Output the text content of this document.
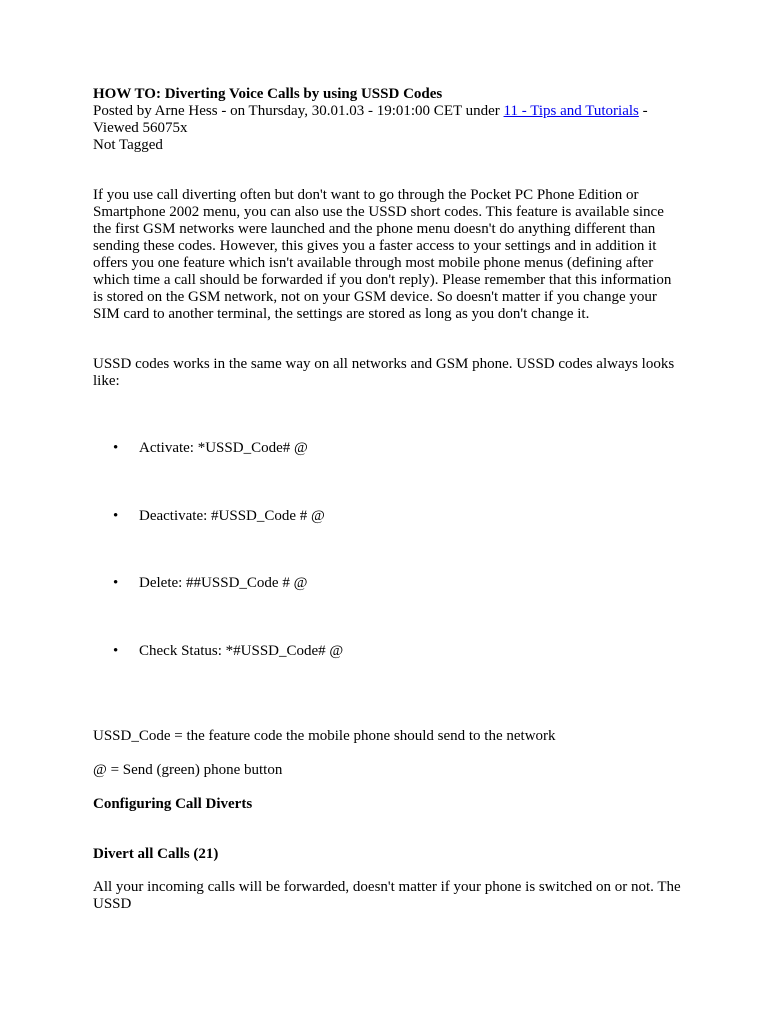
HOW TO: Diverting Voice Calls by using USSD Codes
Posted by Arne Hess - on Thursday, 30.01.03 - 19:01:00 CET under 11 - Tips and Tutorials - Viewed 56075x
Not Tagged
If you use call diverting often but don't want to go through the Pocket PC Phone Edition or Smartphone 2002 menu, you can also use the USSD short codes. This feature is available since the first GSM networks were launched and the phone menu doesn't do anything different than sending these codes. However, this gives you a faster access to your settings and in addition it offers you one feature which isn't available through most mobile phone menus (defining after which time a call should be forwarded if you don't reply). Please remember that this information is stored on the GSM network, not on your GSM device. So doesn't matter if you change your SIM card to another terminal, the settings are stored as long as you don't change it.
USSD codes works in the same way on all networks and GSM phone. USSD codes always looks like:
• Activate: *USSD_Code# @
• Deactivate: #USSD_Code # @
• Delete: ##USSD_Code # @
• Check Status: *#USSD_Code# @
USSD_Code = the feature code the mobile phone should send to the network
@ = Send (green) phone button
Configuring Call Diverts
Divert all Calls (21)
All your incoming calls will be forwarded, doesn't matter if your phone is switched on or not. The USSD
